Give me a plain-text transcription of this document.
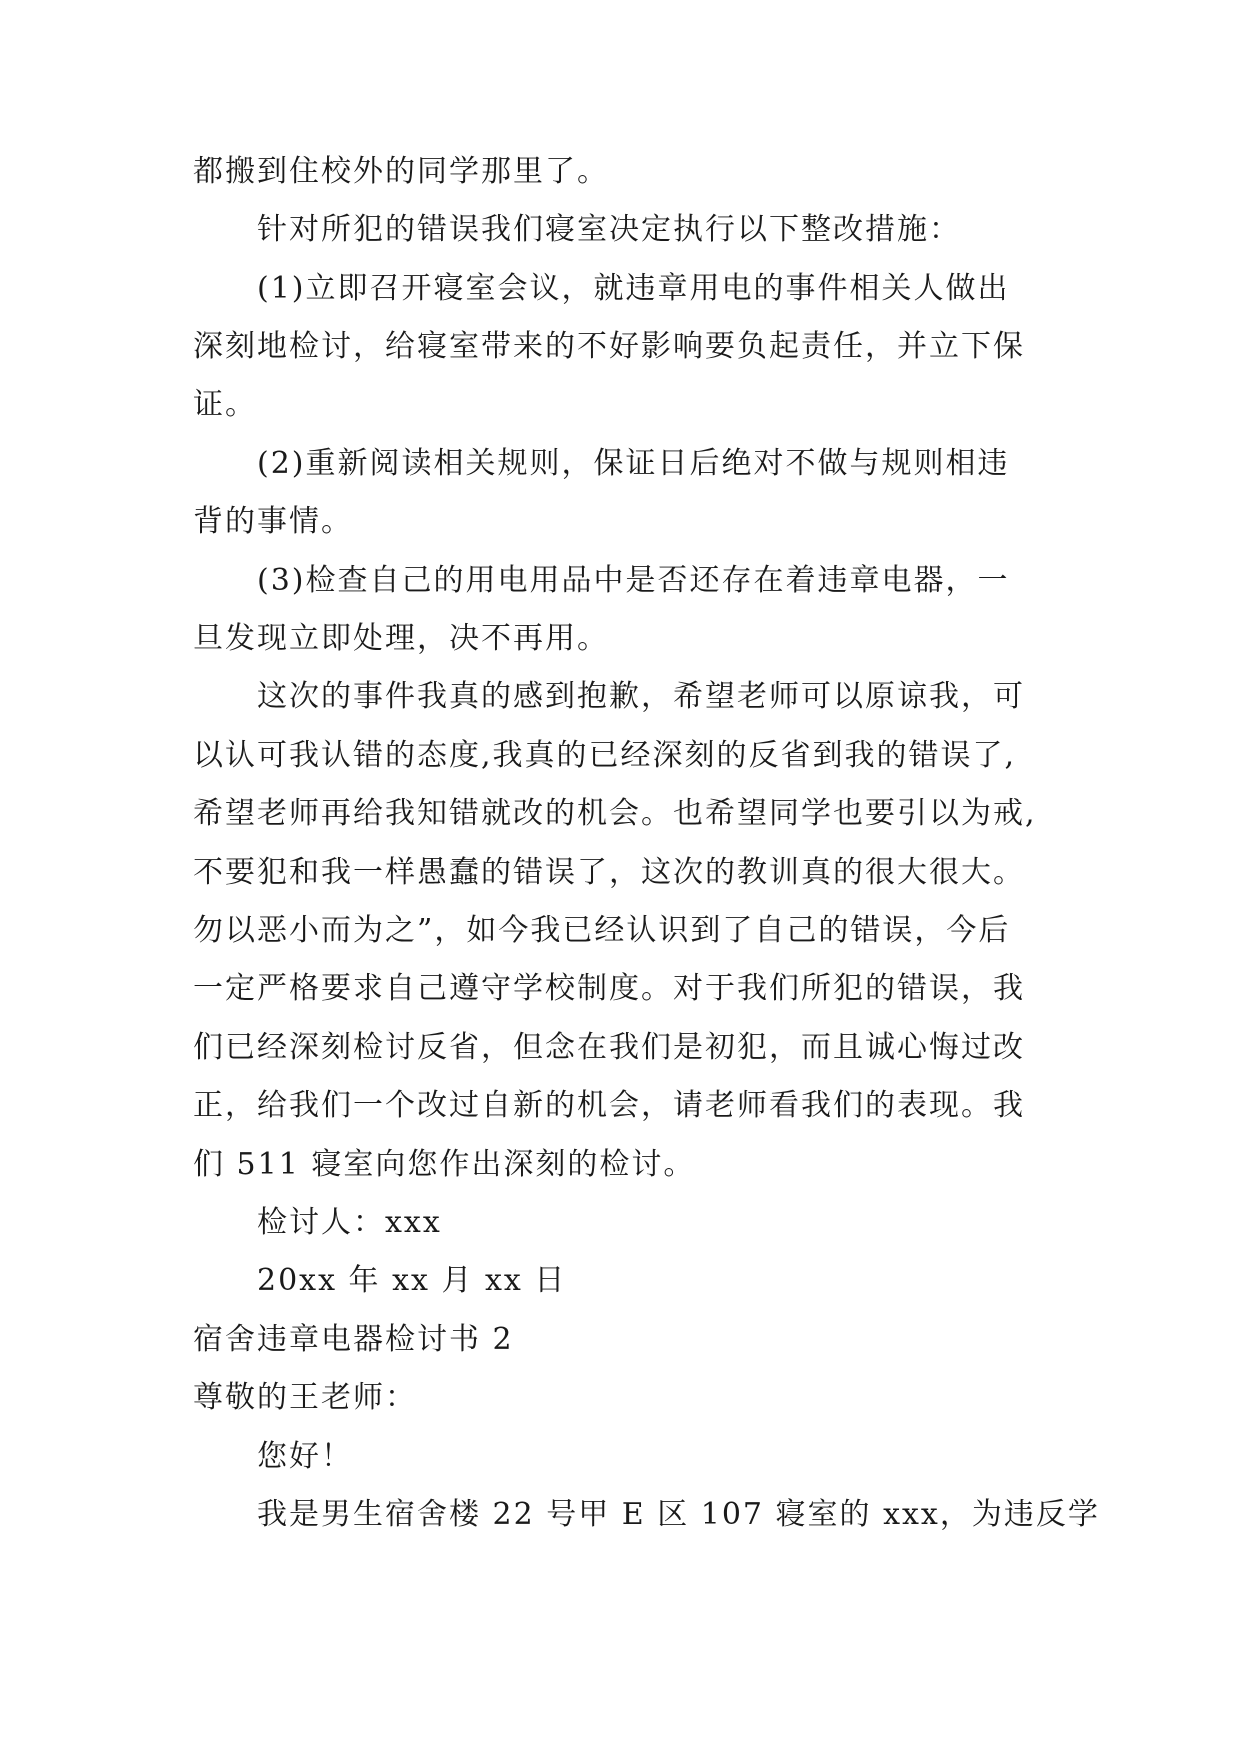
都搬到住校外的同学那里了。
针对所犯的错误我们寝室决定执行以下整改措施：
(1)立即召开寝室会议，就违章用电的事件相关人做出
深刻地检讨，给寝室带来的不好影响要负起责任，并立下保
证。
(2)重新阅读相关规则，保证日后绝对不做与规则相违
背的事情。
(3)检查自己的用电用品中是否还存在着违章电器，一
旦发现立即处理，决不再用。
这次的事件我真的感到抱歉，希望老师可以原谅我，可
以认可我认错的态度,我真的已经深刻的反省到我的错误了,
希望老师再给我知错就改的机会。也希望同学也要引以为戒,
不要犯和我一样愚蠢的错误了，这次的教训真的很大很大。
勿以恶小而为之”，如今我已经认识到了自己的错误，今后
一定严格要求自己遵守学校制度。对于我们所犯的错误，我
们已经深刻检讨反省，但念在我们是初犯，而且诚心悔过改
正，给我们一个改过自新的机会，请老师看我们的表现。我
们 511 寝室向您作出深刻的检讨。
检讨人：xxx
20xx 年 xx 月 xx 日
宿舍违章电器检讨书 2
尊敬的王老师：
您好！
我是男生宿舍楼 22 号甲 E 区 107 寝室的 xxx，为违反学
